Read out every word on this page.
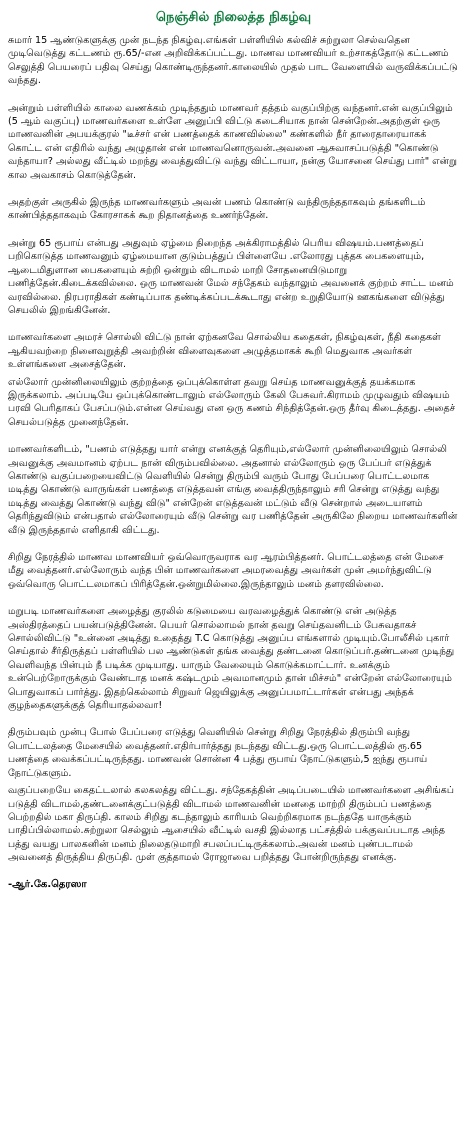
நெஞ்சில் நிலைத்த நிகழ்வு
சுமார் 15 ஆண்டுகளுக்கு முன் நடந்த நிகழ்வு.எங்கள் பள்ளியில் கல்விச் சுற்றுலா செல்வதென முடிவெடுத்து கட்டணம் ரூ.65/-என அறிவிக்கப்பட்டது. மாணவ மாணவியர் உற்சாகத்தோடு கட்டணம் செலுத்தி பெயரைப் பதிவு செய்து கொண்டிருந்தனர்.காலையில் முதல் பாட வேளையில் வருவிக்கப்பட்டு வந்தது.
அன்றும் பள்ளியில் காலை வணக்கம் முடிந்ததும் மாணவர் தத்தம் வகுப்பிற்கு வந்தனர்.என் வகுப்பிலும் (5 ஆம் வகுப்பு) மாணவர்களை உள்ளே அனுப்பி விட்டு கடைசியாக நான் சென்றேன்.அதற்குள் ஒரு மாணவனின் அபயக்குரல் "டீச்சர் என் பணத்தைக் காணவில்லை" கண்களில் நீர் தாரைதாரையாகக் கொட்ட என் எதிரில் வந்து அழுதான் என் மாணவனொருவன்.அவனை ஆசுவாசப்படுத்தி "கொண்டு வந்தாயா? அல்லது வீட்டில் மறந்து வைத்துவிட்டு வந்து விட்டாயா, நன்கு யோசனை செய்து பார்" என்று கால அவகாசம் கொடுத்தேன்.
அதற்குள் அருகில் இருந்த மாணவர்களும் அவன் பணம் கொண்டு வந்திருந்ததாகவும் தங்களிடம் காண்பித்ததாகவும் கோரசாகக் கூற நிதானத்தை உணர்ந்தேன்.
அன்று 65 ரூபாய் என்பது அதுவும் ஏழ்மை நிறைந்த அக்கிராமத்தில் பெரிய விஷயம்.பணத்தைப் பறிகொடுத்த மாணவனும் ஏழ்மையான குடும்பத்துப் பிள்ளையே .எலோரது புத்தக பைகளையும், ஆடைமிதுளான பைகளையும் சுற்றி ஒன்றும் விடாமல் மாறி சோதனையிடுமாறு பணித்தேன்.கிடைக்கவில்லை. ஒரு மாணவன் மேல் சந்தேகம் வந்தாலும் அவனைக் குற்றம் சாட்ட மனம் வரவில்லை. நிரபராதிகள் கண்டிப்பாக தண்டிக்கப்படக்கூடாது என்ற உறுதியோடு ஊகங்களை விடுத்து செயலில் இறங்கினேன்.
மாணவர்களை அமரச் சொல்லி விட்டு நான் ஏற்கனவே சொல்லிய கதைகள், நிகழ்வுகள், நீதி கதைகள் ஆகியவற்றை நினைவுறுத்தி அவற்றின் விளைவுகளை அழுத்தமாகக் கூறி மெதுவாக அவர்கள் உள்ளங்களை அசைத்தேன்.
எல்லோர் முன்னிலையிலும் குற்றத்தை ஒப்புக்கொள்ள தவறு செய்த மாணவனுக்குத் தயக்கமாக இருக்கலாம். அப்படியே ஒப்புக்கொண்டாலும் எல்லோரும் கேலி பேசுவர்.கிராமம் முழுவதும் விஷயம் பரவி பெரிதாகப் பேசப்படும்.என்ன செய்வது என ஒரு கணம் சிந்தித்தேன்.ஒரு தீர்வு கிடைத்தது. அதைச் செயல்படுத்த முனைந்தேன்.
மாணவர்களிடம், "பணம் எடுத்தது யார் என்று எனக்குத் தெரியும்,எல்லோர் முன்னிலையிலும் சொல்லி அவனுக்கு அவமானம் ஏற்பட நான் விரும்பவில்லை. அதனால் எல்லோரும் ஒரு பேப்பர் எடுத்துக் கொண்டு வகுப்பறையைவிட்டு வெளியில் சென்று திரும்பி வரும் போது பேப்பரை பொட்டலமாக மடித்து கொண்டு வாருங்கள் பணத்தை எடுத்தவன் எங்கு வைத்திருந்தாலும் சரி சென்று எடுத்து வந்து மடித்து வைத்து கொண்டு வந்து விடு" என்றேன் எடுத்தவன் மட்டும் வீடு சென்றால் அடையாளம் தெரிந்துவிடும் என்பதால் எல்லோரையும் வீடு சென்று வர பணித்தேன் அருகிலே நிறைய மாணவர்களின் வீடு இருந்ததால் எளிதாகி விட்டது.
சிறிது நேரத்தில் மாணவ மாணவியர் ஒவ்வொருவராக வர ஆரம்பித்தனர். பொட்டலத்தை என் மேசை மீது வைத்தனர்.எல்லோரும் வந்த பின் மாணவர்களை அமரவைத்து அவர்கள் முன் அமர்ந்துவிட்டு ஒவ்வொரு பொட்டலமாகப் பிரித்தேன்.ஒன்றுமில்லை.இருந்தாலும் மனம் தளரவில்லை.
மறுபடி மாணவர்களை அழைத்து குரலில் கடுமையை வரவழைத்துக் கொண்டு என் அடுத்த அஸ்திரத்தைப் பயன்படுத்தினேன். பெயர் சொல்லாமல் நான் தவறு செய்தவனிடம் பேசுவதாகச் சொல்லிவிட்டு "உன்னை அடித்து உதைத்து T.C கொடுத்து அனுப்ப எங்களால் முடியும்.போலீசில் புகார் செய்தால் சீர்திருத்தப் பள்ளியில் பல ஆண்டுகள் தங்க வைத்து தண்டனை கொடுப்பர்.தண்டனை முடிந்து வெளிவந்த பின்பும் நீ படிக்க முடியாது. யாரும் வேலையும் கொடுக்கமாட்டார். உனக்கும் உன்பெற்றோருக்கும் வேண்டாத மனக் கஷ்டமும் அவமானமும் தான் மிச்சம்" என்றேன் எல்லோரையும் பொதுவாகப் பார்த்து. இதற்கெல்லாம் சிறுவர் ஜெயிலுக்கு அனுப்பமாட்டார்கள் என்பது அந்தக் குழந்தைகளுக்குத் தெரியாதல்லவா!
திரும்பவும் முன்பு போல் பேப்பரை எடுத்து வெளியில் சென்று சிறிது நேரத்தில் திரும்பி வந்து பொட்டலத்தை மேசையில் வைத்தனர்.எதிர்பார்த்தது நடந்தது விட்டது.ஒரு பொட்டலத்தில் ரூ.65 பணத்தை வைக்கப்பட்டிருந்தது. மாணவன் சொன்ன 4 பத்து ரூபாய் நோட்டுகளும்,5 ஐந்து ரூபாய் நோட்டுகளும்.
வகுப்பறையே கைதட்டலால் கலகலத்து விட்டது. சந்தேகத்தின் அடிப்படையில் மாணவர்களை அசிங்கப் படுத்தி விடாமல்,தண்டனைக்குட்படுத்தி விடாமல் மாணவனின் மனதை மாற்றி திரும்பப் பணத்தை பெற்றதில் மகா திருப்தி. காலம் சிறிது கடந்தாலும் காரியம் வெற்றிகரமாக நடந்ததே யாருக்கும் பாதிப்பில்லாமல்.சுற்றுலா செல்லும் ஆசையில் வீட்டில் வசதி இல்லாத பட்சத்தில் பக்குவப்படாத அந்த பத்து வயது பாலகனின் மனம் நிலைதடுமாறி சபலப்பட்டிருக்கலாம்.அவன் மனம் புண்படாமல் அவனைத் திருத்திய திருப்தி. முள் குத்தாமல் ரோஜாவை பறித்தது போன்றிருந்தது எனக்கு.
-ஆர்.கே.தெரஸா
